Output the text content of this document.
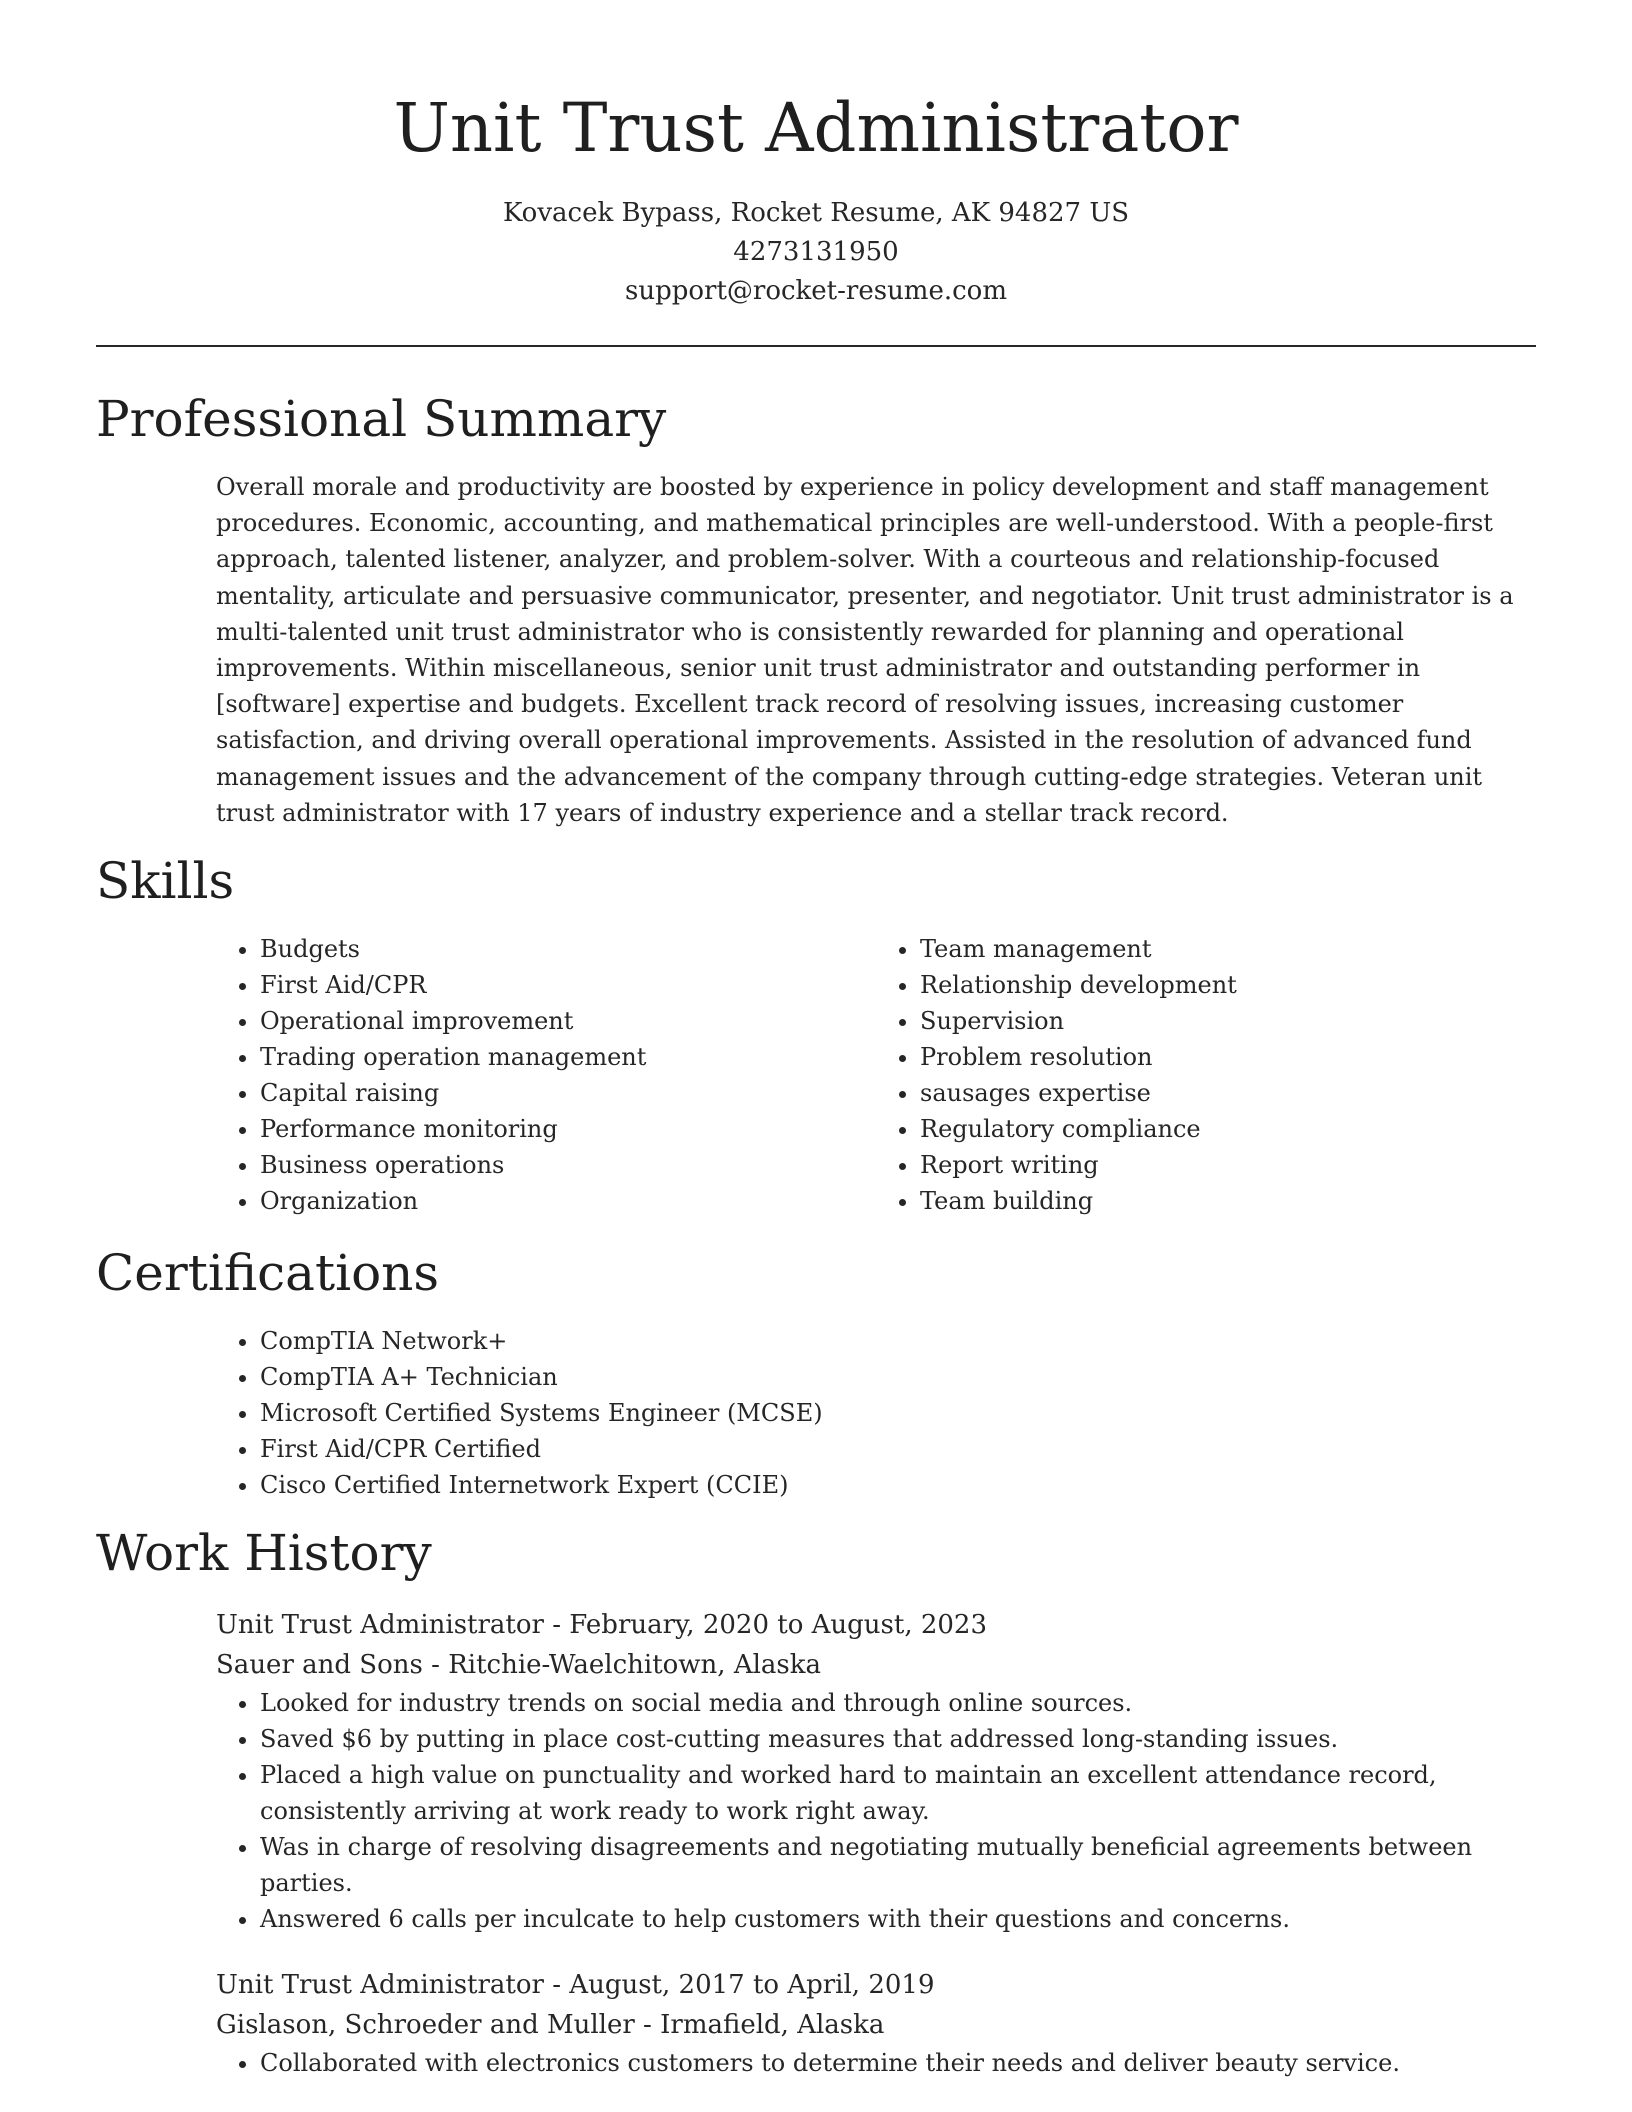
Unit Trust Administrator
Kovacek Bypass, Rocket Resume, AK 94827 US
4273131950
support@rocket-resume.com
Professional Summary

Overall morale and productivity are boosted by experience in policy development and staff management procedures. Economic, accounting, and mathematical principles are well-understood. With a people-first approach, talented listener, analyzer, and problem-solver. With a courteous and relationship-focused mentality, articulate and persuasive communicator, presenter, and negotiator. Unit trust administrator is a multi-talented unit trust administrator who is consistently rewarded for planning and operational improvements. Within miscellaneous, senior unit trust administrator and outstanding performer in [software] expertise and budgets. Excellent track record of resolving issues, increasing customer satisfaction, and driving overall operational improvements. Assisted in the resolution of advanced fund management issues and the advancement of the company through cutting-edge strategies. Veteran unit trust administrator with 17 years of industry experience and a stellar track record.

Skills
• Budgets
• First Aid/CPR
• Operational improvement
• Trading operation management
• Capital raising
• Performance monitoring
• Business operations
• Organization
• Team management
• Relationship development
• Supervision
• Problem resolution
• sausages expertise
• Regulatory compliance
• Report writing
• Team building
Certifications
• CompTIA Network+
• CompTIA A+ Technician
• Microsoft Certified Systems Engineer (MCSE)
• First Aid/CPR Certified
• Cisco Certified Internetwork Expert (CCIE)
Work History
Unit Trust Administrator - February, 2020 to August, 2023
Sauer and Sons - Ritchie-Waelchitown, Alaska
• Looked for industry trends on social media and through online sources.
• Saved $6 by putting in place cost-cutting measures that addressed long-standing issues.
• Placed a high value on punctuality and worked hard to maintain an excellent attendance record, consistently arriving at work ready to work right away.
• Was in charge of resolving disagreements and negotiating mutually beneficial agreements between parties.
• Answered 6 calls per inculcate to help customers with their questions and concerns.
Unit Trust Administrator - August, 2017 to April, 2019
Gislason, Schroeder and Muller - Irmafield, Alaska
• Collaborated with electronics customers to determine their needs and deliver beauty service.
